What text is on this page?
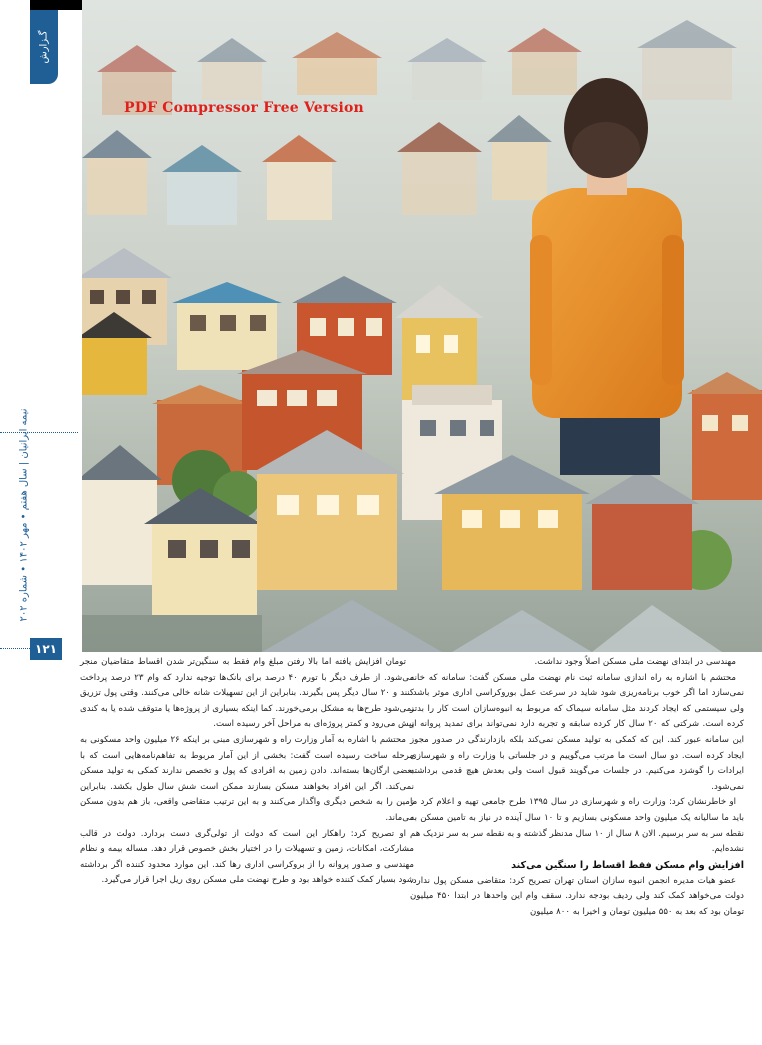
گـزارش
نیمه‌ ایرانیان | سال هفتم • مهر ۱۴۰۲ • شماره ۲۰۲
۱۲۱
PDF Compressor Free Version

مهندسی در ابتدای نهضت ملی مسکن اصلاً وجود نداشت.

محتشم با اشاره به راه اندازی سامانه ثبت نام نهضت ملی مسکن گفت: سامانه که خانه نمی‌سازد اما اگر خوب برنامه‌ریزی شود شاید در سرعت عمل بوروکراسی اداری موثر باشد. ولی سیستمی که ایجاد کردند مثل سامانه سیماک که مربوط به انبوه‌سازان است کار را بدتر کرده است. شرکتی که ۲۰ سال کار کرده سابقه و تجربه دارد نمی‌تواند برای تمدید پروانه از این سامانه عبور کند. این که کمکی به تولید مسکن نمی‌کند بلکه بازدارندگی در صدور مجوز ایجاد کرده است. دو سال است ما مرتب می‌گوییم و در جلساتی با وزارت راه و شهرسازی ایرادات را گوشزد می‌کنیم. در جلسات می‌گویند قبول است ولی بعدش هیچ قدمی برداشته نمی‌شود.

او خاطرنشان کرد: وزارت راه و شهرسازی در سال ۱۳۹۵ طرح جامعی تهیه و اعلام کرد ما باید ما سالیانه یک میلیون واحد مسکونی بسازیم و تا ۱۰ سال آینده در نیاز به تامین مسکن به نقطه سر به سر برسیم. الان ۸ سال از ۱۰ سال مدنظر گذشته و به نقطه سر به سر نزدیک هم نشده‌ایم.

افزایش وام مسکن فقط اقساط را سنگین می‌کند

عضو هیات مدیره انجمن انبوه سازان استان تهران تصریح کرد: متقاضی مسکن پول ندارد. دولت می‌خواهد کمک کند ولی ردیف بودجه ندارد. سقف وام این واحدها در ابتدا ۴۵۰ میلیون تومان بود که بعد به ۵۵۰ میلیون تومان و اخیرا به ۸۰۰ میلیون

تومان افزایش یافته اما بالا رفتن مبلغ وام فقط به سنگین‌تر شدن اقساط متقاضیان منجر می‌شود. از طرف دیگر با تورم ۴۰ درصد برای بانک‌ها توجیه ندارد که وام ۲۳ درصد پرداخت کنند و ۲۰ سال دیگر پس بگیرند. بنابراین از این تسهیلات شانه خالی می‌کنند. وقتی پول تزریق نمی‌شود طرح‌ها به مشکل برمی‌خورند. کما اینکه بسیاری از پروژه‌ها یا متوقف شده یا به کندی پیش می‌رود و کمتر پروژه‌ای به مراحل آخر رسیده است.

محتشم با اشاره به آمار وزارت راه و شهرسازی مبنی بر اینکه ۲۶ میلیون واحد مسکونی به مرحله ساخت رسیده است گفت: بخشی از این آمار مربوط به تفاهم‌نامه‌هایی است که با بعضی ارگان‌ها بسته‌اند. دادن زمین به افرادی که پول و تخصص ندارند کمکی به تولید مسکن نمی‌کند. اگر این افراد بخواهند مسکن بسازند ممکن است شش سال طول بکشد. بنابراین زمین را به شخص دیگری واگذار می‌کنند و به این ترتیب متقاضی واقعی، باز هم بدون مسکن می‌ماند.

او تصریح کرد: راهکار این است که دولت از تولی‌گری دست بردارد. دولت در قالب مشارکت، امکانات، زمین و تسهیلات را در اختیار بخش خصوص قرار دهد. مساله بیمه و نظام مهندسی و صدور پروانه را از بروکراسی اداری رها کند. این موارد محدود کننده اگر برداشته شود بسیار کمک کننده خواهد بود و طرح نهضت ملی مسکن روی ریل اجرا قرار می‌گیرد.
